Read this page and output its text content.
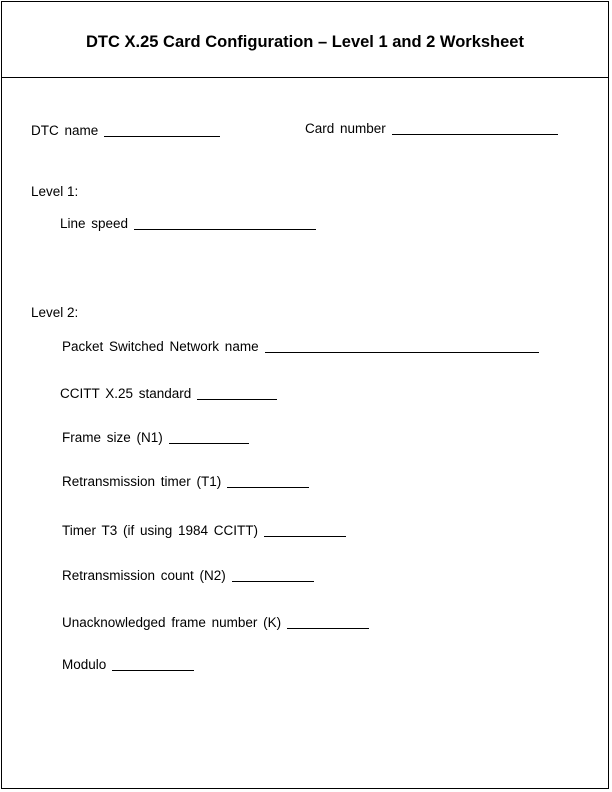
DTC X.25 Card Configuration – Level 1 and 2 Worksheet
DTC name	Card number
Level 1:
Line speed
Level 2:
Packet Switched Network name
CCITT X.25 standard
Frame size (N1)
Retransmission timer (T1)
Timer T3 (if using 1984 CCITT)
Retransmission count (N2)
Unacknowledged frame number (K)
Modulo
